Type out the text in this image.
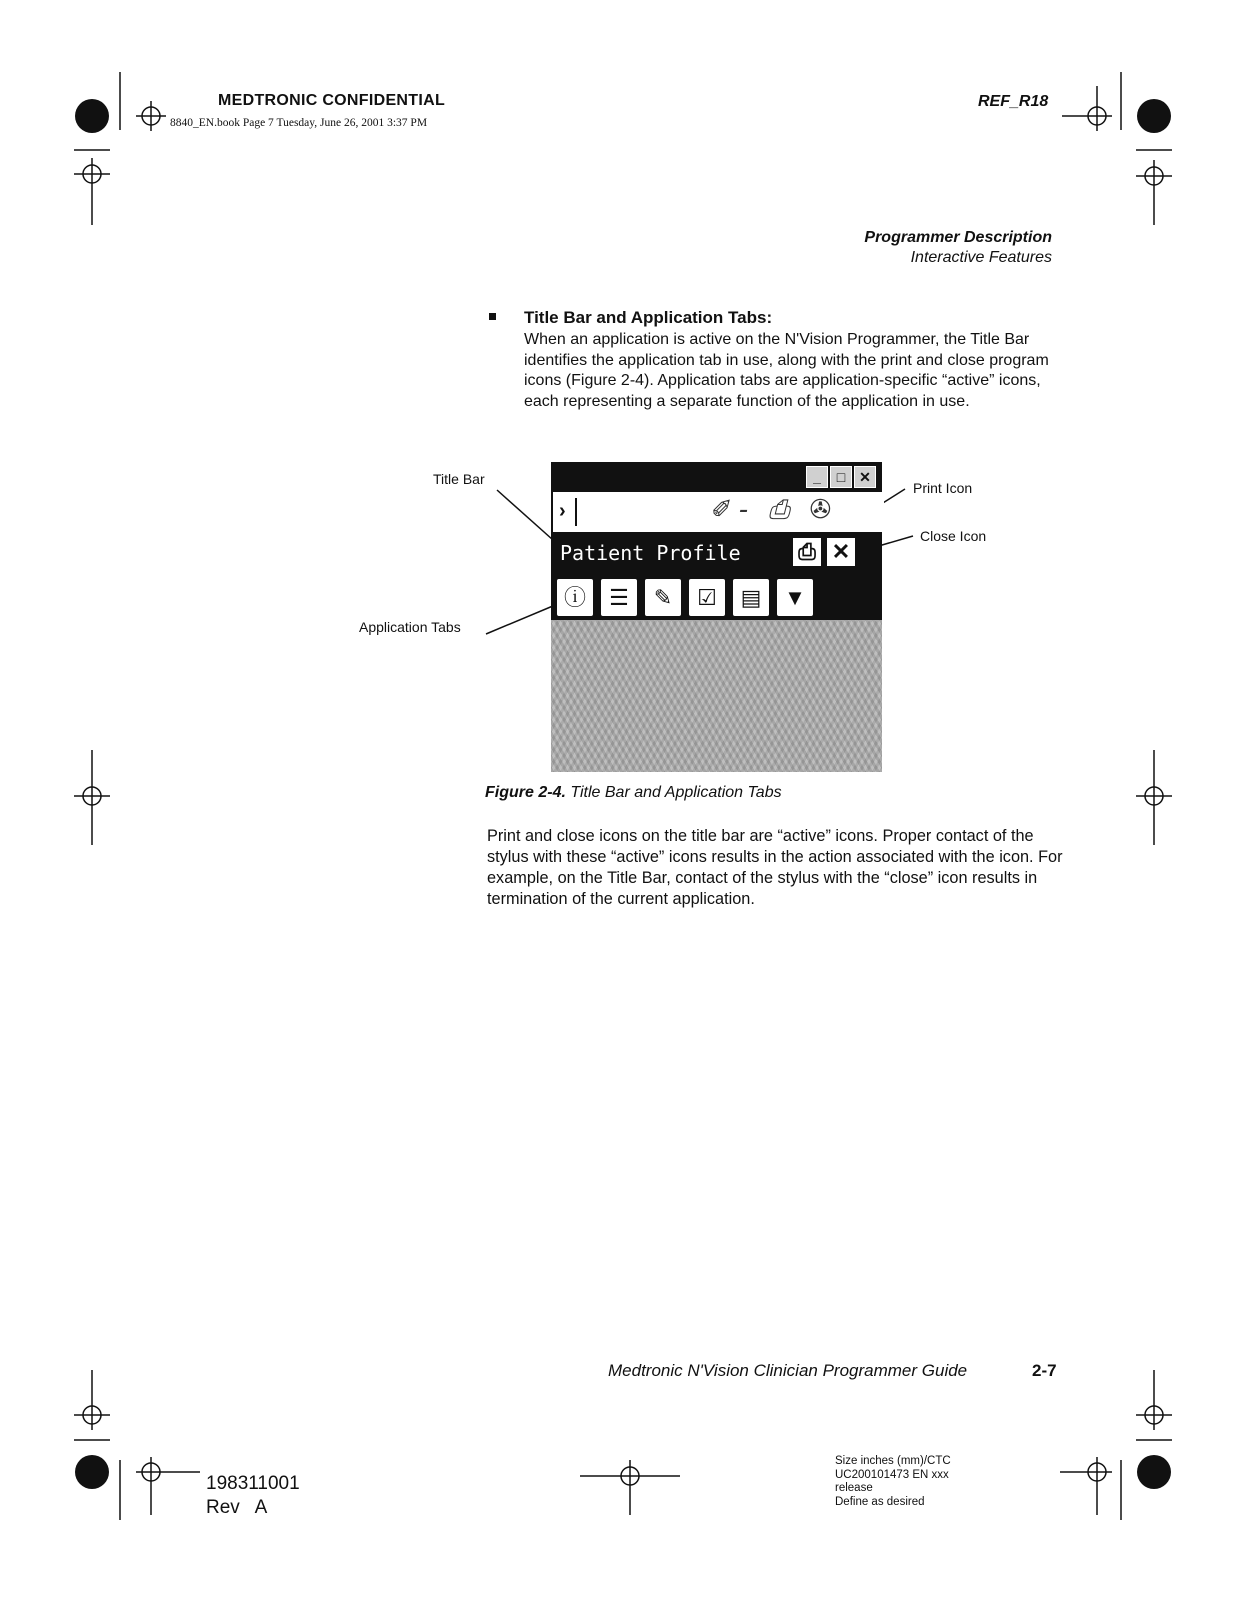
MEDTRONIC CONFIDENTIAL
8840_EN.book Page 7 Tuesday, June 26, 2001 3:37 PM
REF_R18
Programmer Description
Interactive Features
Title Bar and Application Tabs:
When an application is active on the N'Vision Programmer, the Title Bar identifies the application tab in use, along with the print and close program icons (Figure 2-4). Application tabs are application-specific “active” icons, each representing a separate function of the application in use.
Title Bar
Print Icon
Close Icon
Application Tabs
_	□ ✕
›	✐- ⎙ ✇
Patient Profile	⎙ ✕
ⓘ	☰	✎	☑	▤	▼
Figure 2-4. Title Bar and Application Tabs
Print and close icons on the title bar are “active” icons. Proper contact of the stylus with these “active” icons results in the action associated with the icon. For example, on the Title Bar, contact of the stylus with the “close” icon results in termination of the current application.
Medtronic N'Vision Clinician Programmer Guide	2-7
198311001
Rev   A
Size inches (mm)/CTC
UC200101473 EN xxx
release
Define as desired
